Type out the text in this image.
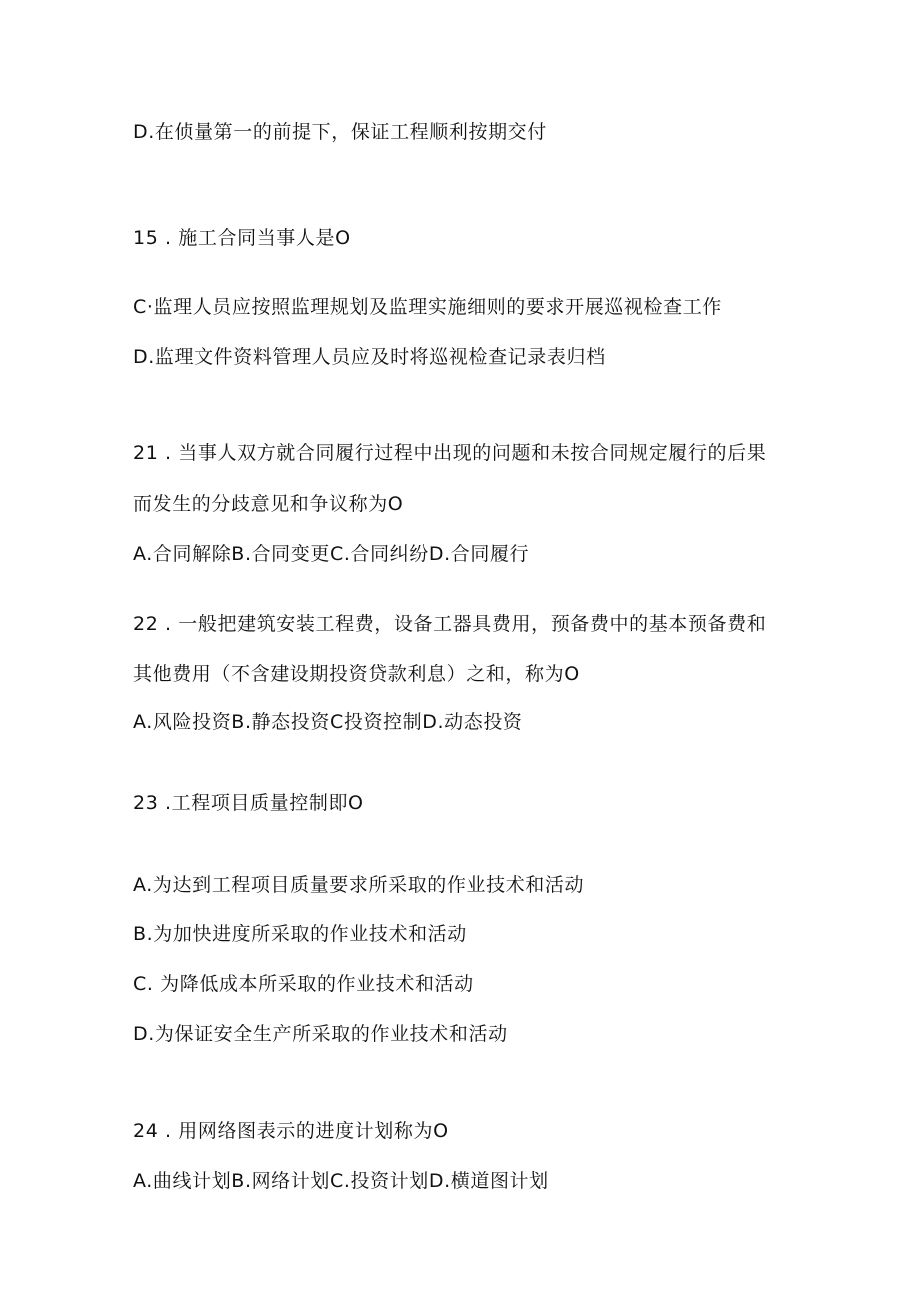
D.在侦量第一的前提下，保证工程顺利按期交付
15 . 施工合同当事人是O
C·监理人员应按照监理规划及监理实施细则的要求开展巡视检查工作
D.监理文件资料管理人员应及时将巡视检查记录表归档
21 . 当事人双方就合同履行过程中出现的问题和未按合同规定履行的后果
而发生的分歧意见和争议称为O
A.合同解除B.合同变更C.合同纠纷D.合同履行
22 . 一般把建筑安装工程费，设备工器具费用，预备费中的基本预备费和
其他费用（不含建设期投资贷款利息）之和，称为O
A.风险投资B.静态投资C投资控制D.动态投资
23 .工程项目质量控制即O
A.为达到工程项目质量要求所采取的作业技术和活动
B.为加快进度所采取的作业技术和活动
C. 为降低成本所采取的作业技术和活动
D.为保证安全生产所采取的作业技术和活动
24 . 用网络图表示的进度计划称为O
A.曲线计划B.网络计划C.投资计划D.横道图计划
